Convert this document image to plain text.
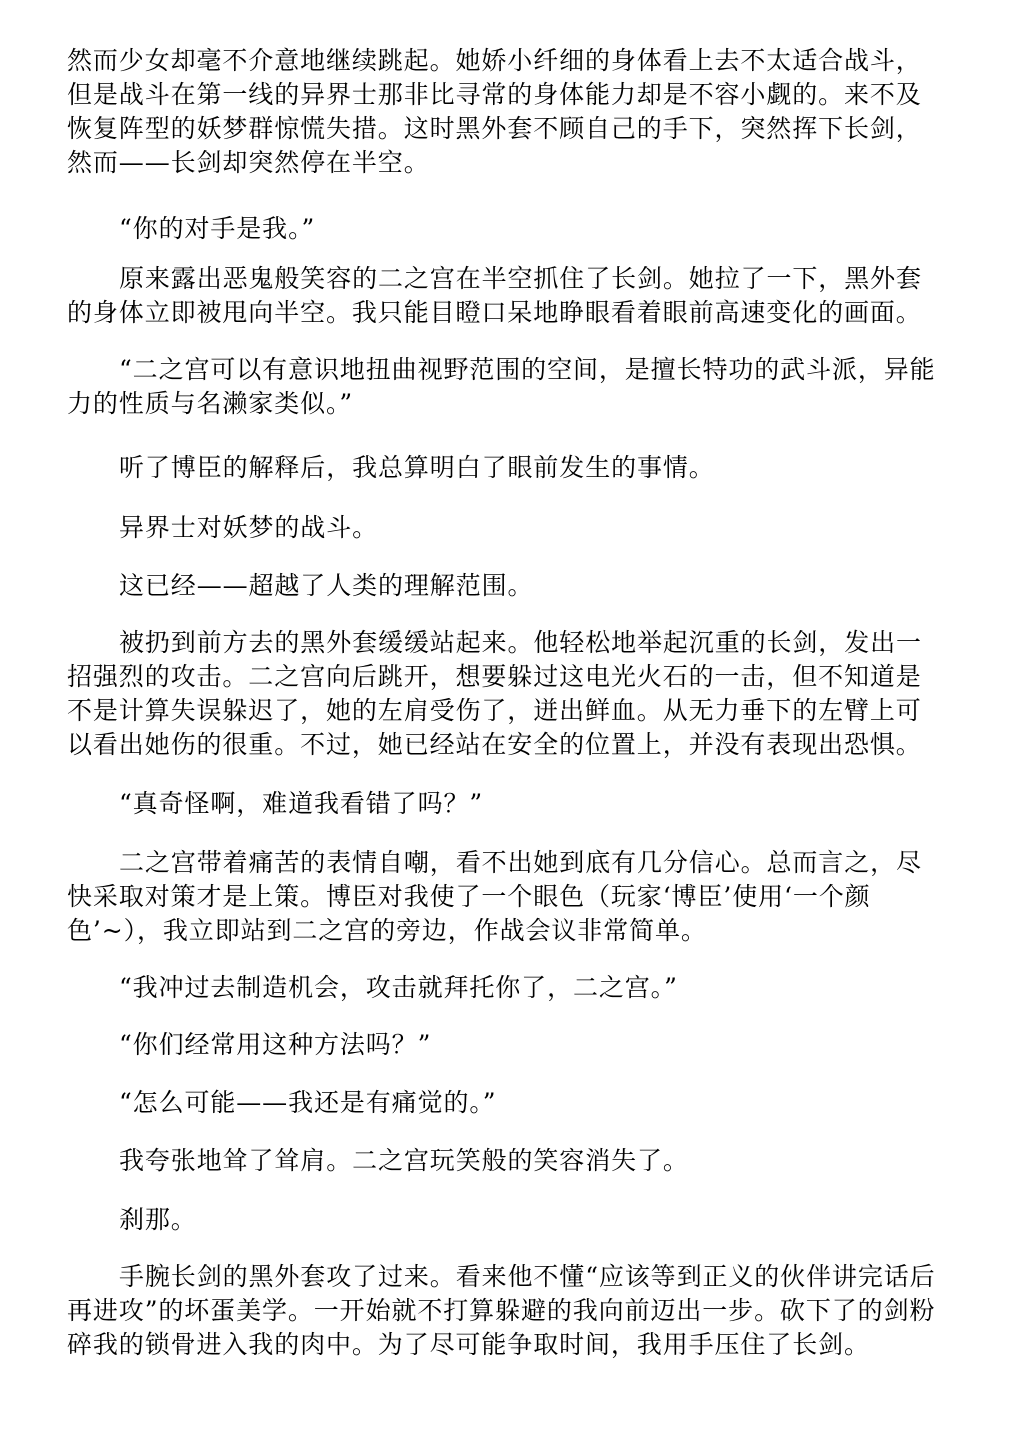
然而少女却毫不介意地继续跳起。她娇小纤细的身体看上去不太适合战斗，但是战斗在第一线的异界士那非比寻常的身体能力却是不容小觑的。来不及恢复阵型的妖梦群惊慌失措。这时黑外套不顾自己的手下，突然挥下长剑，然而——长剑却突然停在半空。

“你的对手是我。”

原来露出恶鬼般笑容的二之宫在半空抓住了长剑。她拉了一下，黑外套的身体立即被甩向半空。我只能目瞪口呆地睁眼看着眼前高速变化的画面。

“二之宫可以有意识地扭曲视野范围的空间，是擅长特功的武斗派，异能力的性质与名濑家类似。”

听了博臣的解释后，我总算明白了眼前发生的事情。

异界士对妖梦的战斗。

这已经——超越了人类的理解范围。

被扔到前方去的黑外套缓缓站起来。他轻松地举起沉重的长剑，发出一招强烈的攻击。二之宫向后跳开，想要躲过这电光火石的一击，但不知道是不是计算失误躲迟了，她的左肩受伤了，迸出鲜血。从无力垂下的左臂上可以看出她伤的很重。不过，她已经站在安全的位置上，并没有表现出恐惧。

“真奇怪啊，难道我看错了吗？”

二之宫带着痛苦的表情自嘲，看不出她到底有几分信心。总而言之，尽快采取对策才是上策。博臣对我使了一个眼色（玩家‘博臣’使用‘一个颜色’~），我立即站到二之宫的旁边，作战会议非常简单。

“我冲过去制造机会，攻击就拜托你了，二之宫。”

“你们经常用这种方法吗？”

“怎么可能——我还是有痛觉的。”

我夸张地耸了耸肩。二之宫玩笑般的笑容消失了。

刹那。

手腕长剑的黑外套攻了过来。看来他不懂“应该等到正义的伙伴讲完话后再进攻”的坏蛋美学。一开始就不打算躲避的我向前迈出一步。砍下了的剑粉碎我的锁骨进入我的肉中。为了尽可能争取时间，我用手压住了长剑。
